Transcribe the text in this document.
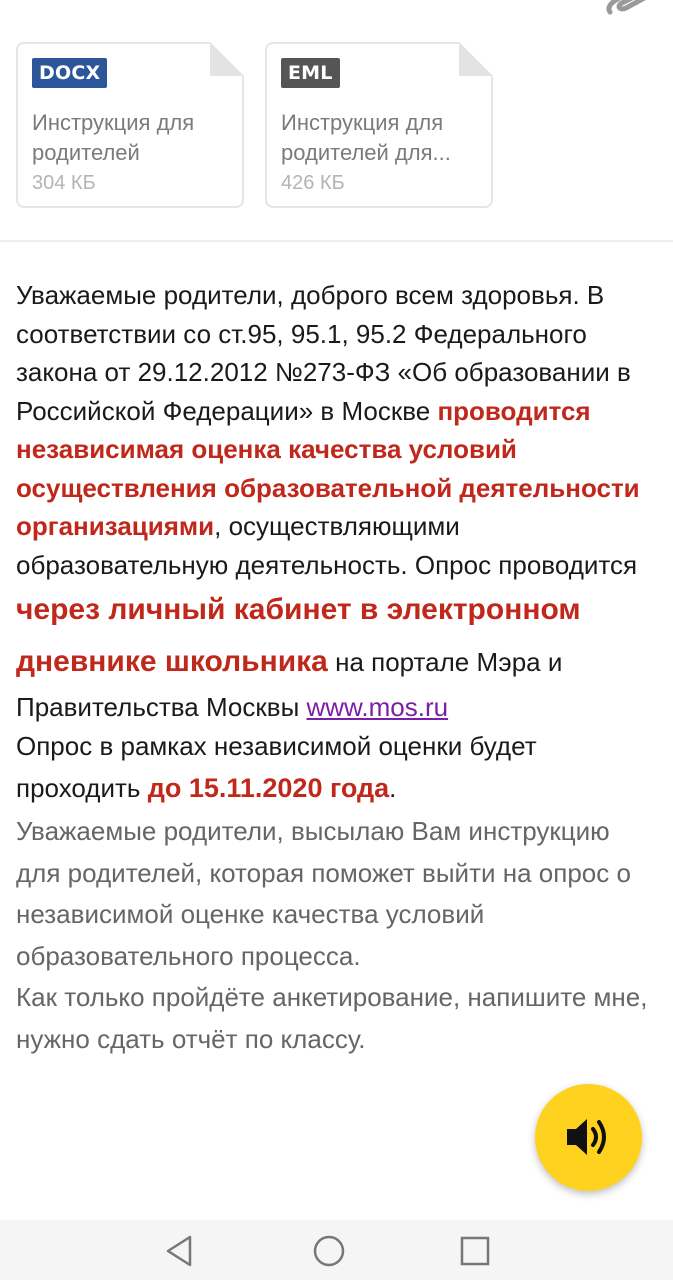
DOCX
Инструкция для родителей
304 КБ
EML
Инструкция для родителей для...
426 КБ
Уважаемые родители, доброго всем здоровья. В соответствии со ст.95, 95.1, 95.2 Федерального закона от 29.12.2012 №273-ФЗ «Об образовании в Российской Федерации» в Москве проводится независимая оценка качества условий осуществления образовательной деятельности организациями, осуществляющими образовательную деятельность. Опрос проводится через личный кабинет в электронном дневнике школьника на портале Мэра и Правительства Москвы www.mos.ru
Опрос в рамках независимой оценки будет проходить до 15.11.2020 года.
Уважаемые родители, высылаю Вам инструкцию для родителей, которая поможет выйти на опрос о независимой оценке качества условий образовательного процесса.
Как только пройдёте анкетирование, напишите мне, нужно сдать отчёт по классу.
